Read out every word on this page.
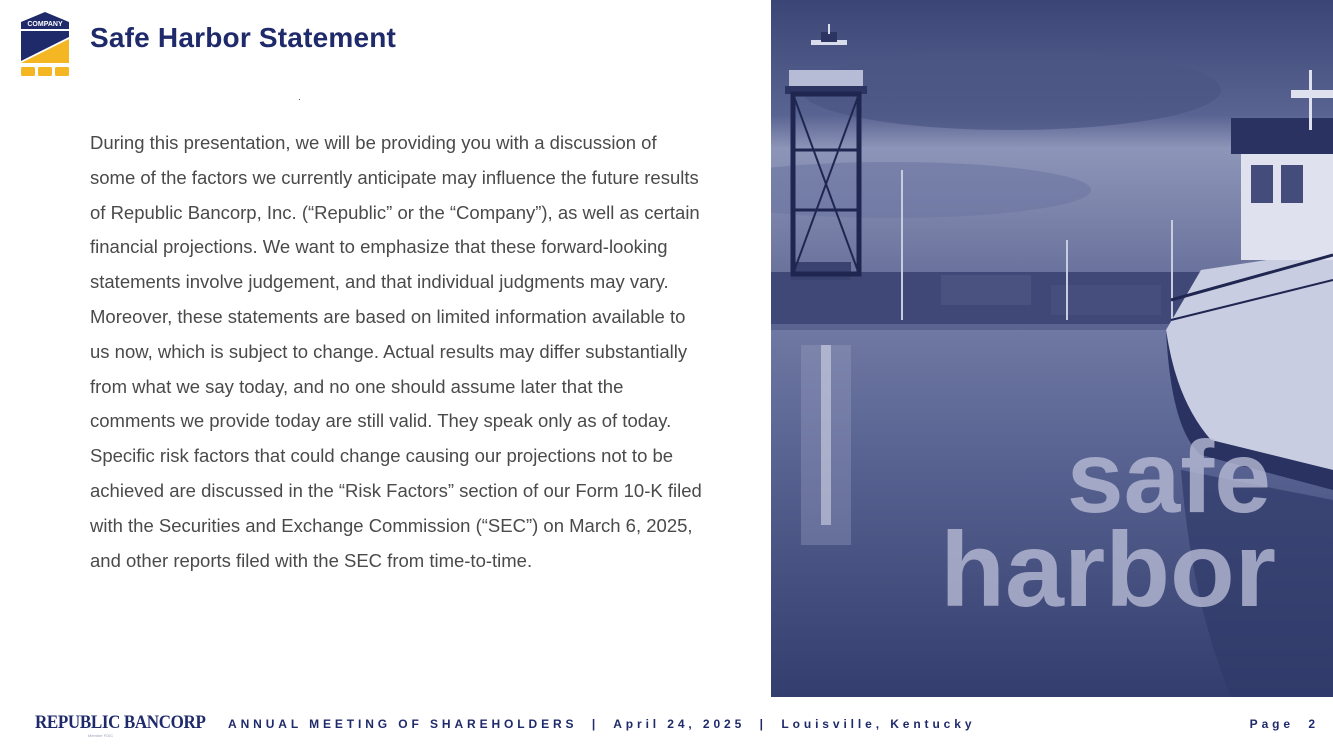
COMPANY Safe Harbor Statement

During this presentation, we will be providing you with a discussion of some of the factors we currently anticipate may influence the future results of Republic Bancorp, Inc. (“Republic” or the “Company”), as well as certain financial projections. We want to emphasize that these forward-looking statements involve judgement, and that individual judgments may vary. Moreover, these statements are based on limited information available to us now, which is subject to change. Actual results may differ substantially from what we say today, and no one should assume later that the comments we provide today are still valid. They speak only as of today. Specific risk factors that could change causing our projections not to be achieved are discussed in the “Risk Factors” section of our Form 10-K filed with the Securities and Exchange Commission (“SEC”) on March 6, 2025, and other reports filed with the SEC from time-to-time.

safe
harbor
REPUBLIC BANCORP
Member FDIC
ANNUAL MEETING OF SHAREHOLDERS  |  April 24, 2025  |  Louisville, Kentucky	Page  2
